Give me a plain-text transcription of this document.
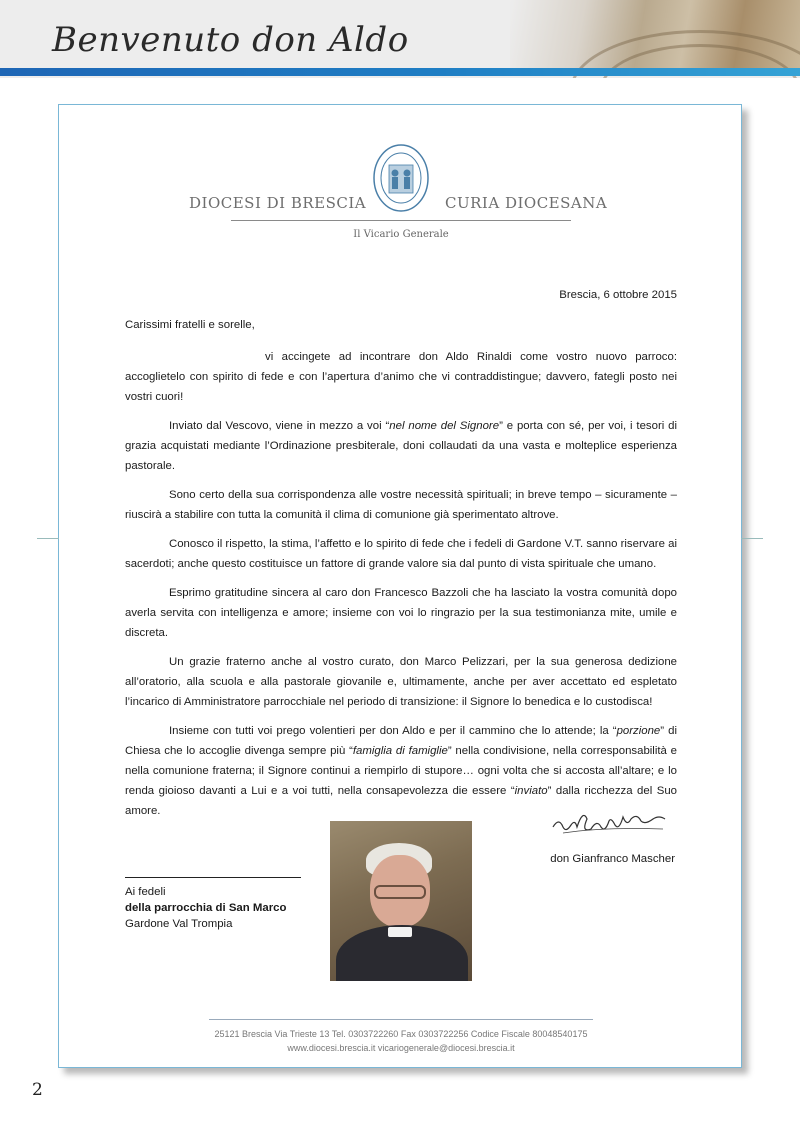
Benvenuto don Aldo
DIOCESI DI BRESCIA	CURIA DIOCESANA
Il Vicario Generale
Brescia, 6 ottobre 2015
Carissimi fratelli e sorelle,

vi accingete ad incontrare don Aldo Rinaldi come vostro nuovo parroco: accoglietelo con spirito di fede e con l’apertura d’animo che vi contraddistingue; davvero, fategli posto nei vostri cuori!

Inviato dal Vescovo, viene in mezzo a voi “nel nome del Signore” e porta con sé, per voi, i tesori di grazia acquistati mediante l’Ordinazione presbiterale, doni collaudati da una vasta e molteplice esperienza pastorale.

Sono certo della sua corrispondenza alle vostre necessità spirituali; in breve tempo – sicuramente – riuscirà a stabilire con tutta la comunità il clima di comunione già sperimentato altrove.

Conosco il rispetto, la stima, l’affetto e lo spirito di fede che i fedeli di Gardone V.T. sanno riservare ai sacerdoti; anche questo costituisce un fattore di grande valore sia dal punto di vista spirituale che umano.

Esprimo gratitudine sincera al caro don Francesco Bazzoli che ha lasciato la vostra comunità dopo averla servita con intelligenza e amore; insieme con voi lo ringrazio per la sua testimonianza mite, umile e discreta.

Un grazie fraterno anche al vostro curato, don Marco Pelizzari, per la sua generosa dedizione all’oratorio, alla scuola e alla pastorale giovanile e, ultimamente, anche per aver accettato ed espletato l’incarico di Amministratore parrocchiale nel periodo di transizione: il Signore lo benedica e lo custodisca!

Insieme con tutti voi prego volentieri per don Aldo e per il cammino che lo attende; la “porzione” di Chiesa che lo accoglie divenga sempre più “famiglia di famiglie” nella condivisione, nella corresponsabilità e nella comunione fraterna; il Signore continui a riempirlo di stupore… ogni volta che si accosta all’altare; e lo renda gioioso davanti a Lui e a voi tutti, nella consapevolezza die essere “inviato” dalla ricchezza del Suo amore.

don Gianfranco Mascher
Ai fedeli
della parrocchia di San Marco
Gardone Val Trompia
25121 Brescia Via Trieste 13 Tel. 0303722260 Fax 0303722256 Codice Fiscale 80048540175
www.diocesi.brescia.it vicariogenerale@diocesi.brescia.it
2
